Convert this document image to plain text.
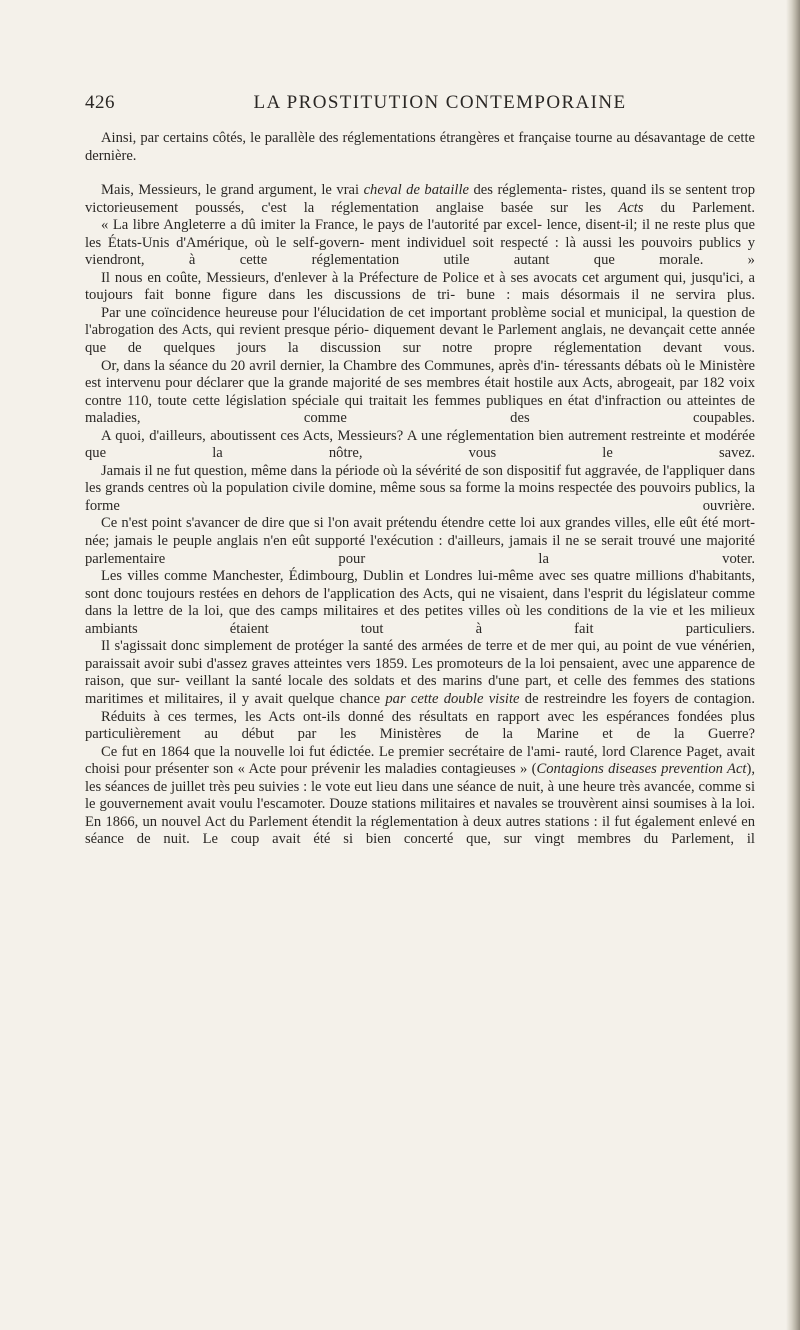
426	LA PROSTITUTION CONTEMPORAINE

Ainsi, par certains côtés, le parallèle des réglementations étrangères et française tourne au désavantage de cette dernière.

Mais, Messieurs, le grand argument, le vrai cheval de bataille des réglementa- ristes, quand ils se sentent trop victorieusement poussés, c'est la réglementation anglaise basée sur les Acts du Parlement.

« La libre Angleterre a dû imiter la France, le pays de l'autorité par excel- lence, disent-il; il ne reste plus que les États-Unis d'Amérique, où le self-govern- ment individuel soit respecté : là aussi les pouvoirs publics y viendront, à cette	réglementation utile autant que morale. »

Il nous en coûte, Messieurs, d'enlever à la Préfecture de Police et à ses avocats cet argument qui, jusqu'ici, a toujours fait bonne figure dans les discussions de tri- bune : mais désormais il ne servira plus.

Par une coïncidence heureuse pour l'élucidation de cet important problème social et municipal, la question de l'abrogation des Acts, qui revient presque pério- diquement devant le Parlement anglais, ne devançait cette année que de quelques jours la discussion sur notre propre réglementation devant vous.

Or, dans la séance du 20 avril dernier, la Chambre des Communes, après d'in- téressants débats où le Ministère est intervenu pour déclarer que la grande majorité de ses membres était hostile aux Acts, abrogeait, par 182 voix contre 110, toute cette législation spéciale qui traitait les femmes publiques en état d'infraction ou atteintes de maladies, comme des coupables.

A quoi, d'ailleurs, aboutissent ces Acts, Messieurs? A une réglementation bien autrement restreinte et modérée que la nôtre, vous le savez.

Jamais il ne fut question, même dans la période où la sévérité de son dispositif fut aggravée, de l'appliquer dans les grands centres où la population civile domine, même sous sa forme la moins respectée des pouvoirs publics, la forme ouvrière.

Ce n'est point s'avancer de dire que si l'on avait prétendu étendre cette loi aux grandes villes, elle eût été mort-née; jamais le peuple anglais n'en eût supporté l'exécution : d'ailleurs, jamais il ne se serait trouvé une majorité parlementaire pour	la voter.

Les villes comme Manchester, Édimbourg, Dublin et Londres lui-même avec ses quatre millions d'habitants, sont donc toujours restées en dehors de l'application des Acts, qui ne visaient, dans l'esprit du législateur comme dans la lettre de la loi, que des camps militaires et des petites villes où les conditions de la vie et les milieux ambiants étaient tout à fait particuliers.

Il s'agissait donc simplement de protéger la santé des armées de terre et de mer qui, au point de vue vénérien, paraissait avoir subi d'assez graves atteintes vers 1859. Les promoteurs de la loi pensaient, avec une apparence de raison, que sur- veillant la santé locale des soldats et des marins d'une part, et celle des femmes des stations maritimes et militaires, il y avait quelque chance par cette double visite de restreindre les foyers de contagion.

Réduits à ces termes, les Acts ont-ils donné des résultats en rapport avec les espérances fondées plus particulièrement au début par les Ministères de la Marine et de la Guerre?

Ce fut en 1864 que la nouvelle loi fut édictée. Le premier secrétaire de l'ami- rauté, lord Clarence Paget, avait choisi pour présenter son « Acte pour prévenir les maladies contagieuses » (Contagions diseases prevention Act), les séances de juillet très peu suivies : le vote eut lieu dans une séance de nuit, à une heure très avancée, comme si le gouvernement avait voulu l'escamoter. Douze stations militaires et navales se trouvèrent ainsi soumises à la loi. En 1866, un nouvel Act du Parlement étendit la réglementation à deux autres stations : il fut également enlevé en séance de nuit. Le coup avait été si bien concerté que, sur vingt membres du Parlement, il
